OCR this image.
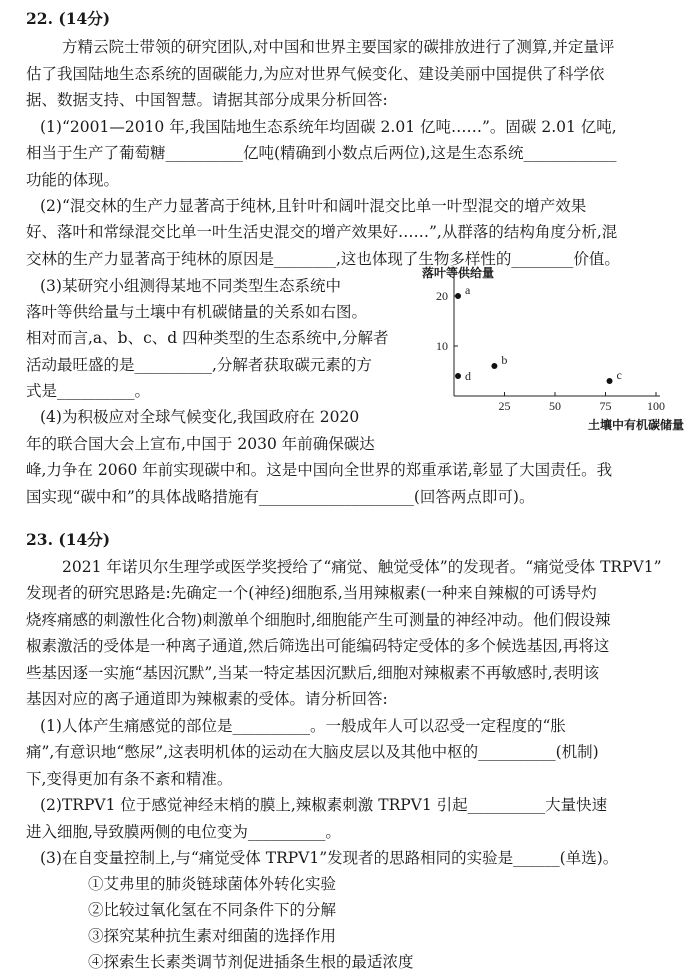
22. (14分)
方精云院士带领的研究团队,对中国和世界主要国家的碳排放进行了测算,并定量评
估了我国陆地生态系统的固碳能力,为应对世界气候变化、建设美丽中国提供了科学依
据、数据支持、中国智慧。请据其部分成果分析回答:
(1)“2001—2010 年,我国陆地生态系统年均固碳 2.01 亿吨……”。固碳 2.01 亿吨,
相当于生产了葡萄糖__________亿吨(精确到小数点后两位),这是生态系统____________
功能的体现。
(2)“混交林的生产力显著高于纯林,且针叶和阔叶混交比单一叶型混交的增产效果
好、落叶和常绿混交比单一叶生活史混交的增产效果好……”,从群落的结构角度分析,混
交林的生产力显著高于纯林的原因是________,这也体现了生物多样性的________价值。
(3)某研究小组测得某地不同类型生态系统中
落叶等供给量与土壤中有机碳储量的关系如右图。
相对而言,a、b、c、d 四种类型的生态系统中,分解者
活动最旺盛的是__________,分解者获取碳元素的方
式是__________。
(4)为积极应对全球气候变化,我国政府在 2020
年的联合国大会上宣布,中国于 2030 年前确保碳达
峰,力争在 2060 年前实现碳中和。这是中国向全世界的郑重承诺,彰显了大国责任。我
国实现“碳中和”的具体战略措施有____________________(回答两点即可)。
落叶等供给量
土壤中有机碳储量
25	50	75	100
20
10
a
b
c
d
23. (14分)
2021 年诺贝尔生理学或医学奖授给了“痛觉、触觉受体”的发现者。“痛觉受体 TRPV1”
发现者的研究思路是:先确定一个(神经)细胞系,当用辣椒素(一种来自辣椒的可诱导灼
烧疼痛感的刺激性化合物)刺激单个细胞时,细胞能产生可测量的神经冲动。他们假设辣
椒素激活的受体是一种离子通道,然后筛选出可能编码特定受体的多个候选基因,再将这
些基因逐一实施“基因沉默”,当某一特定基因沉默后,细胞对辣椒素不再敏感时,表明该
基因对应的离子通道即为辣椒素的受体。请分析回答:
(1)人体产生痛感觉的部位是__________。一般成年人可以忍受一定程度的“胀
痛”,有意识地“憋尿”,这表明机体的运动在大脑皮层以及其他中枢的__________(机制)
下,变得更加有条不紊和精准。
(2)TRPV1 位于感觉神经末梢的膜上,辣椒素刺激 TRPV1 引起__________大量快速
进入细胞,导致膜两侧的电位变为__________。
(3)在自变量控制上,与“痛觉受体 TRPV1”发现者的思路相同的实验是______(单选)。
①艾弗里的肺炎链球菌体外转化实验
②比较过氧化氢在不同条件下的分解
③探究某种抗生素对细菌的选择作用
④探索生长素类调节剂促进插条生根的最适浓度
